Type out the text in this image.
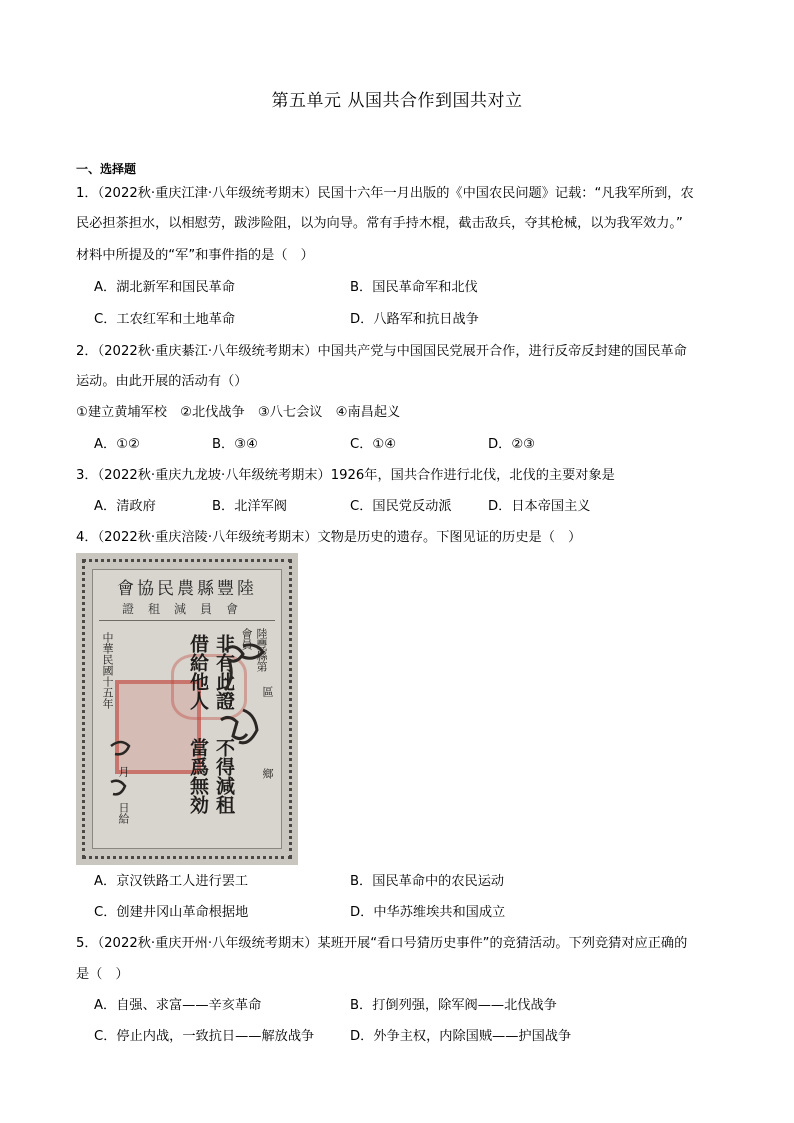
第五单元 从国共合作到国共对立
一、选择题
1．（2022秋·重庆江津·八年级统考期末）民国十六年一月出版的《中国农民问题》记载：“凡我军所到，农
民必担茶担水，以相慰劳，跋涉险阻，以为向导。常有手持木棍，截击敌兵，夺其枪械，以为我军效力。”
材料中所提及的“军”和事件指的是（　）
A．湖北新军和国民革命	B．国民革命军和北伐
C．工农红军和土地革命	D．八路军和抗日战争
2．（2022秋·重庆綦江·八年级统考期末）中国共产党与中国国民党展开合作，进行反帝反封建的国民革命
运动。由此开展的活动有（）
①建立黄埔军校　②北伐战争　③八七会议　④南昌起义
A．①②	B．③④	C．①④	D．②③
3．（2022秋·重庆九龙坡·八年级统考期末）1926年，国共合作进行北伐，北伐的主要对象是
A．清政府	B．北洋军阀	C．国民党反动派	D．日本帝国主义
4．（2022秋·重庆涪陵·八年级统考期末）文物是历史的遗存。下图见证的历史是（　）
會協民農縣豐陸
證租減員會
陸豐縣第
會員
非有此證
借給他人
不得減租
當爲無効
中華民國十五年
月
日給
鄉
區
A．京汉铁路工人进行罢工	B．国民革命中的农民运动
C．创建井冈山革命根据地	D．中华苏维埃共和国成立
5．（2022秋·重庆开州·八年级统考期末）某班开展“看口号猜历史事件”的竞猜活动。下列竞猜对应正确的
是（　）
A．自强、求富——辛亥革命	B．打倒列强，除军阀——北伐战争
C．停止内战，一致抗日——解放战争	D．外争主权，内除国贼——护国战争
